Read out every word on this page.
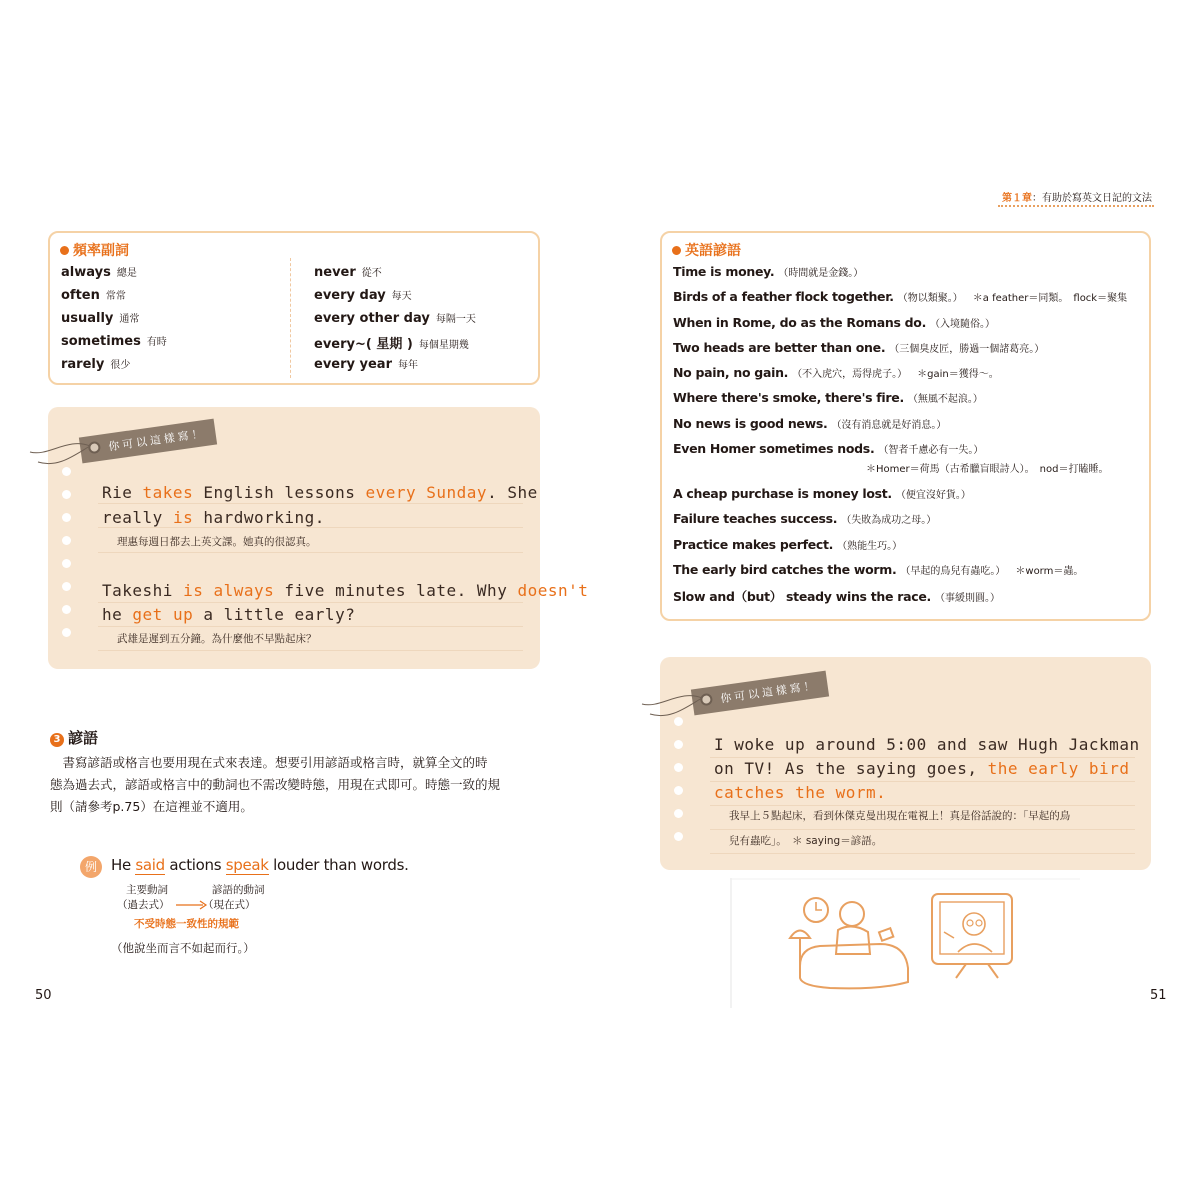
第１章：有助於寫英文日記的文法
頻率副詞
always 總是
often 常常
usually 通常
sometimes 有時
rarely 很少
never 從不
every day 每天
every other day 每隔一天
every~( 星期 ) 每個星期幾
every year 每年
你可以這樣寫！
Rie takes English lessons every Sunday. She
really is hardworking.
理惠每週日都去上英文課。她真的很認真。
Takeshi is always five minutes late. Why doesn't
he get up a little early?
武雄是遲到五分鐘。為什麼他不早點起床？
3 諺語
　書寫諺語或格言也要用現在式來表達。想要引用諺語或格言時，就算全文的時
態為過去式，諺語或格言中的動詞也不需改變時態，用現在式即可。時態一致的規
則（請參考p.75）在這裡並不適用。
例 He said actions speak louder than words.
主要動詞
（過去式）
諺語的動詞
（現在式）
不受時態一致性的規範
（他說坐而言不如起而行。）
50
英語諺語
Time is money. （時間就是金錢。）
Birds of a feather flock together. （物以類聚。） ＊a feather＝同類。　flock＝聚集
When in Rome, do as the Romans do. （入境隨俗。）
Two heads are better than one. （三個臭皮匠，勝過一個諸葛亮。）
No pain, no gain. （不入虎穴，焉得虎子。） ＊gain＝獲得～。
Where there's smoke, there's fire. （無風不起浪。）
No news is good news. （沒有消息就是好消息。）
Even Homer sometimes nods. （智者千慮必有一失。）
＊Homer＝荷馬（古希臘盲眼詩人）。　nod＝打瞌睡。
A cheap purchase is money lost. （便宜沒好貨。）
Failure teaches success. （失敗為成功之母。）
Practice makes perfect. （熟能生巧。）
The early bird catches the worm. （早起的鳥兒有蟲吃。） ＊worm＝蟲。
Slow and（but） steady wins the race. （事緩則圓。）
你可以這樣寫！
I woke up around 5:00 and saw Hugh Jackman
on TV! As the saying goes, the early bird
catches the worm.
我早上５點起床，看到休傑克曼出現在電視上！真是俗話說的：「早起的鳥
兒有蟲吃」。　＊ saying＝諺語。
51
